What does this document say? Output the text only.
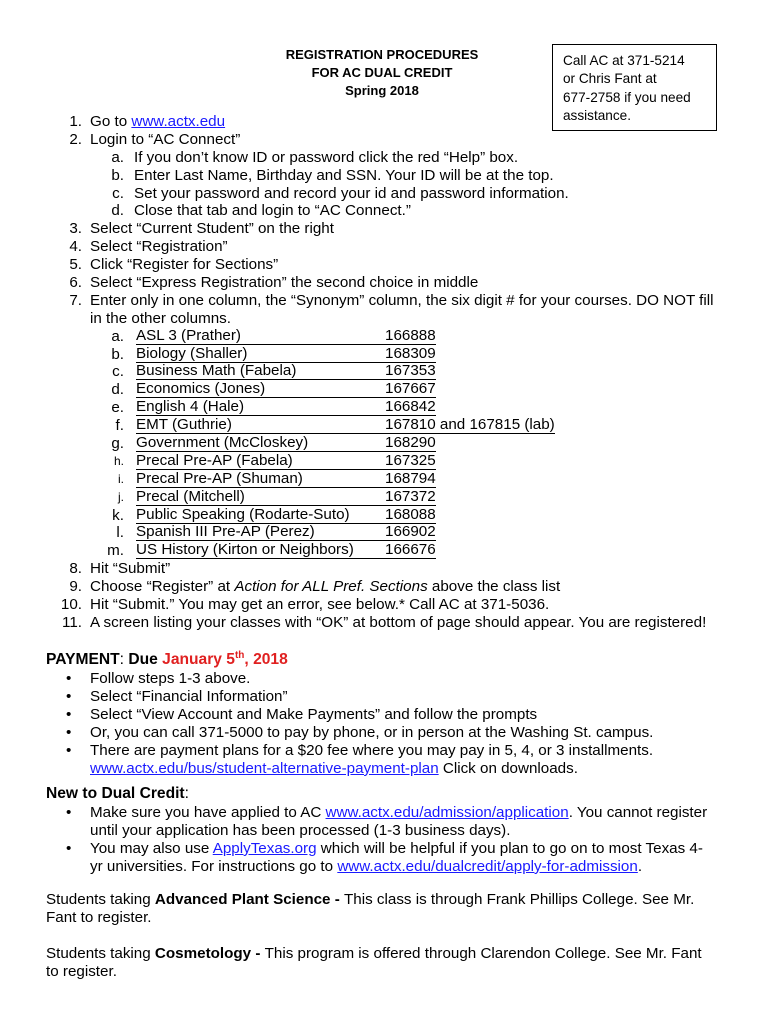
REGISTRATION PROCEDURES
FOR AC DUAL CREDIT
Spring 2018
Call AC at 371-5214
or Chris Fant at
677-2758 if you need
assistance.
1. Go to www.actx.edu
2. Login to “AC Connect”
a. If you don’t know ID or password click the red “Help” box.
b. Enter Last Name, Birthday and SSN. Your ID will be at the top.
c. Set your password and record your id and password information.
d. Close that tab and login to “AC Connect.”
3. Select “Current Student” on the right
4. Select “Registration”
5. Click “Register for Sections”
6. Select “Express Registration” the second choice in middle
7. Enter only in one column, the “Synonym” column, the six digit # for your courses. DO NOT fill
in the other columns.
a. ASL 3 (Prather)	166888
b. Biology (Shaller)	168309
c. Business Math (Fabela)	167353
d. Economics (Jones)	167667
e. English 4 (Hale)	166842
f. EMT (Guthrie)	167810 and 167815 (lab)
g. Government (McCloskey)	168290
h. Precal Pre-AP (Fabela)	167325
i. Precal Pre-AP (Shuman)	168794
j. Precal (Mitchell)	167372
k. Public Speaking (Rodarte-Suto)	168088
l. Spanish III Pre-AP (Perez)	166902
m. US History (Kirton or Neighbors)	166676
8. Hit “Submit”
9. Choose “Register” at Action for ALL Pref. Sections above the class list
10. Hit “Submit.” You may get an error, see below.* Call AC at 371-5036.
11. A screen listing your classes with “OK” at bottom of page should appear. You are registered!
PAYMENT: Due January 5th, 2018
• Follow steps 1-3 above.
• Select “Financial Information”
• Select “View Account and Make Payments” and follow the prompts
• Or, you can call 371-5000 to pay by phone, or in person at the Washing St. campus.
• There are payment plans for a $20 fee where you may pay in 5, 4, or 3 installments.
www.actx.edu/bus/student-alternative-payment-plan Click on downloads.
New to Dual Credit:
• Make sure you have applied to AC www.actx.edu/admission/application. You cannot register
until your application has been processed (1-3 business days).
• You may also use ApplyTexas.org which will be helpful if you plan to go on to most Texas 4-
yr universities. For instructions go to www.actx.edu/dualcredit/apply-for-admission.
Students taking Advanced Plant Science - This class is through Frank Phillips College. See Mr.
Fant to register.
Students taking Cosmetology - This program is offered through Clarendon College. See Mr. Fant
to register.
